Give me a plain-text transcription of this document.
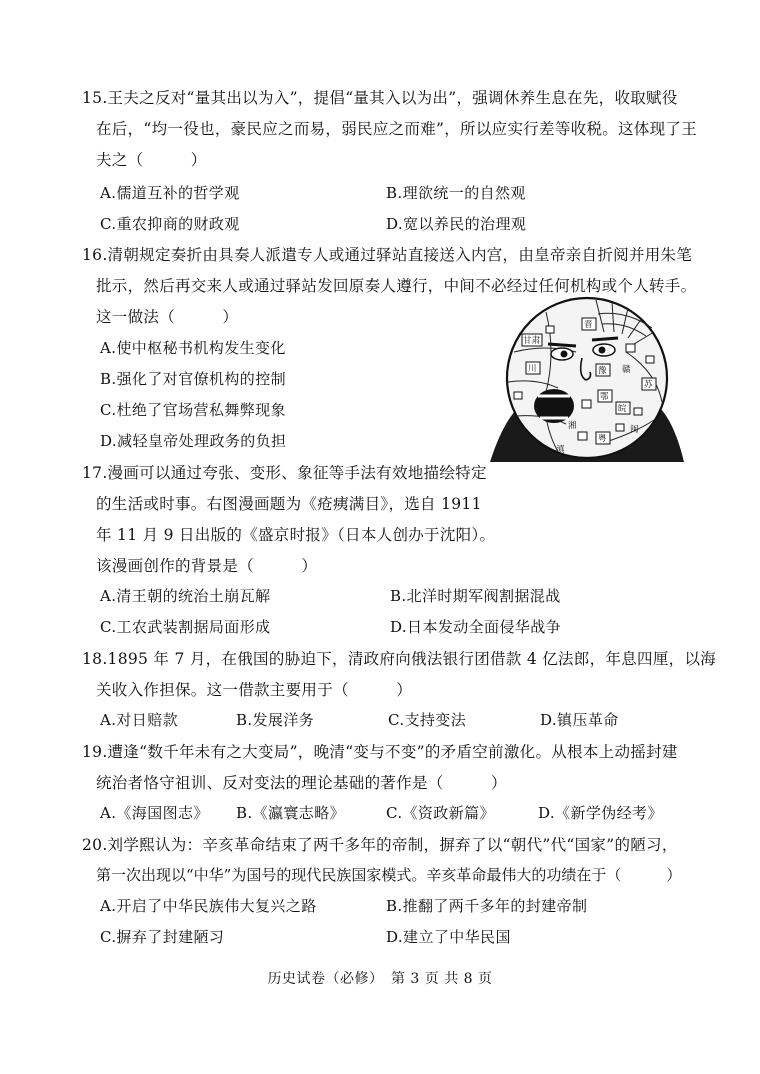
15.王夫之反对“量其出以为入”，提倡“量其入以为出”，强调休养生息在先，收取赋役
在后，“均一役也，豪民应之而易，弱民应之而难”，所以应实行差等收税。这体现了王
夫之（　　　）
A.儒道互补的哲学观	B.理欲统一的自然观
C.重农抑商的财政观	D.宽以养民的治理观
16.清朝规定奏折由具奏人派遣专人或通过驿站直接送入内宫，由皇帝亲自折阅并用朱笔
批示，然后再交来人或通过驿站发回原奏人遵行，中间不必经过任何机构或个人转手。
这一做法（　　　）
A.使中枢秘书机构发生变化
B.强化了对官僚机构的控制
C.杜绝了官场营私舞弊现象
D.减轻皇帝处理政务的负担
甘肃
晋
豫
川
鄂
苏
湘
皖
赣
滇
粤
闽
17.漫画可以通过夸张、变形、象征等手法有效地描绘特定
的生活或时事。右图漫画题为《疮痍满目》，选自 1911
年 11 月 9 日出版的《盛京时报》（日本人创办于沈阳）。
该漫画创作的背景是（　　　）
A.清王朝的统治土崩瓦解	B.北洋时期军阀割据混战
C.工农武装割据局面形成	D.日本发动全面侵华战争
18.1895 年 7 月，在俄国的胁迫下，清政府向俄法银行团借款 4 亿法郎，年息四厘，以海
关收入作担保。这一借款主要用于（　　　）
A.对日赔款	B.发展洋务	C.支持变法	D.镇压革命
19.遭逢“数千年未有之大变局”，晚清“变与不变”的矛盾空前激化。从根本上动摇封建
统治者恪守祖训、反对变法的理论基础的著作是（　　　）
A.《海国图志》 B.《瀛寰志略》	C.《资政新篇》	D.《新学伪经考》
20.刘学熙认为：辛亥革命结束了两千多年的帝制，摒弃了以“朝代”代“国家”的陋习，
第一次出现以“中华”为国号的现代民族国家模式。辛亥革命最伟大的功绩在于（　　　）
A.开启了中华民族伟大复兴之路	B.推翻了两千多年的封建帝制
C.摒弃了封建陋习	D.建立了中华民国
历史试卷（必修）　第 3 页 共 8 页
